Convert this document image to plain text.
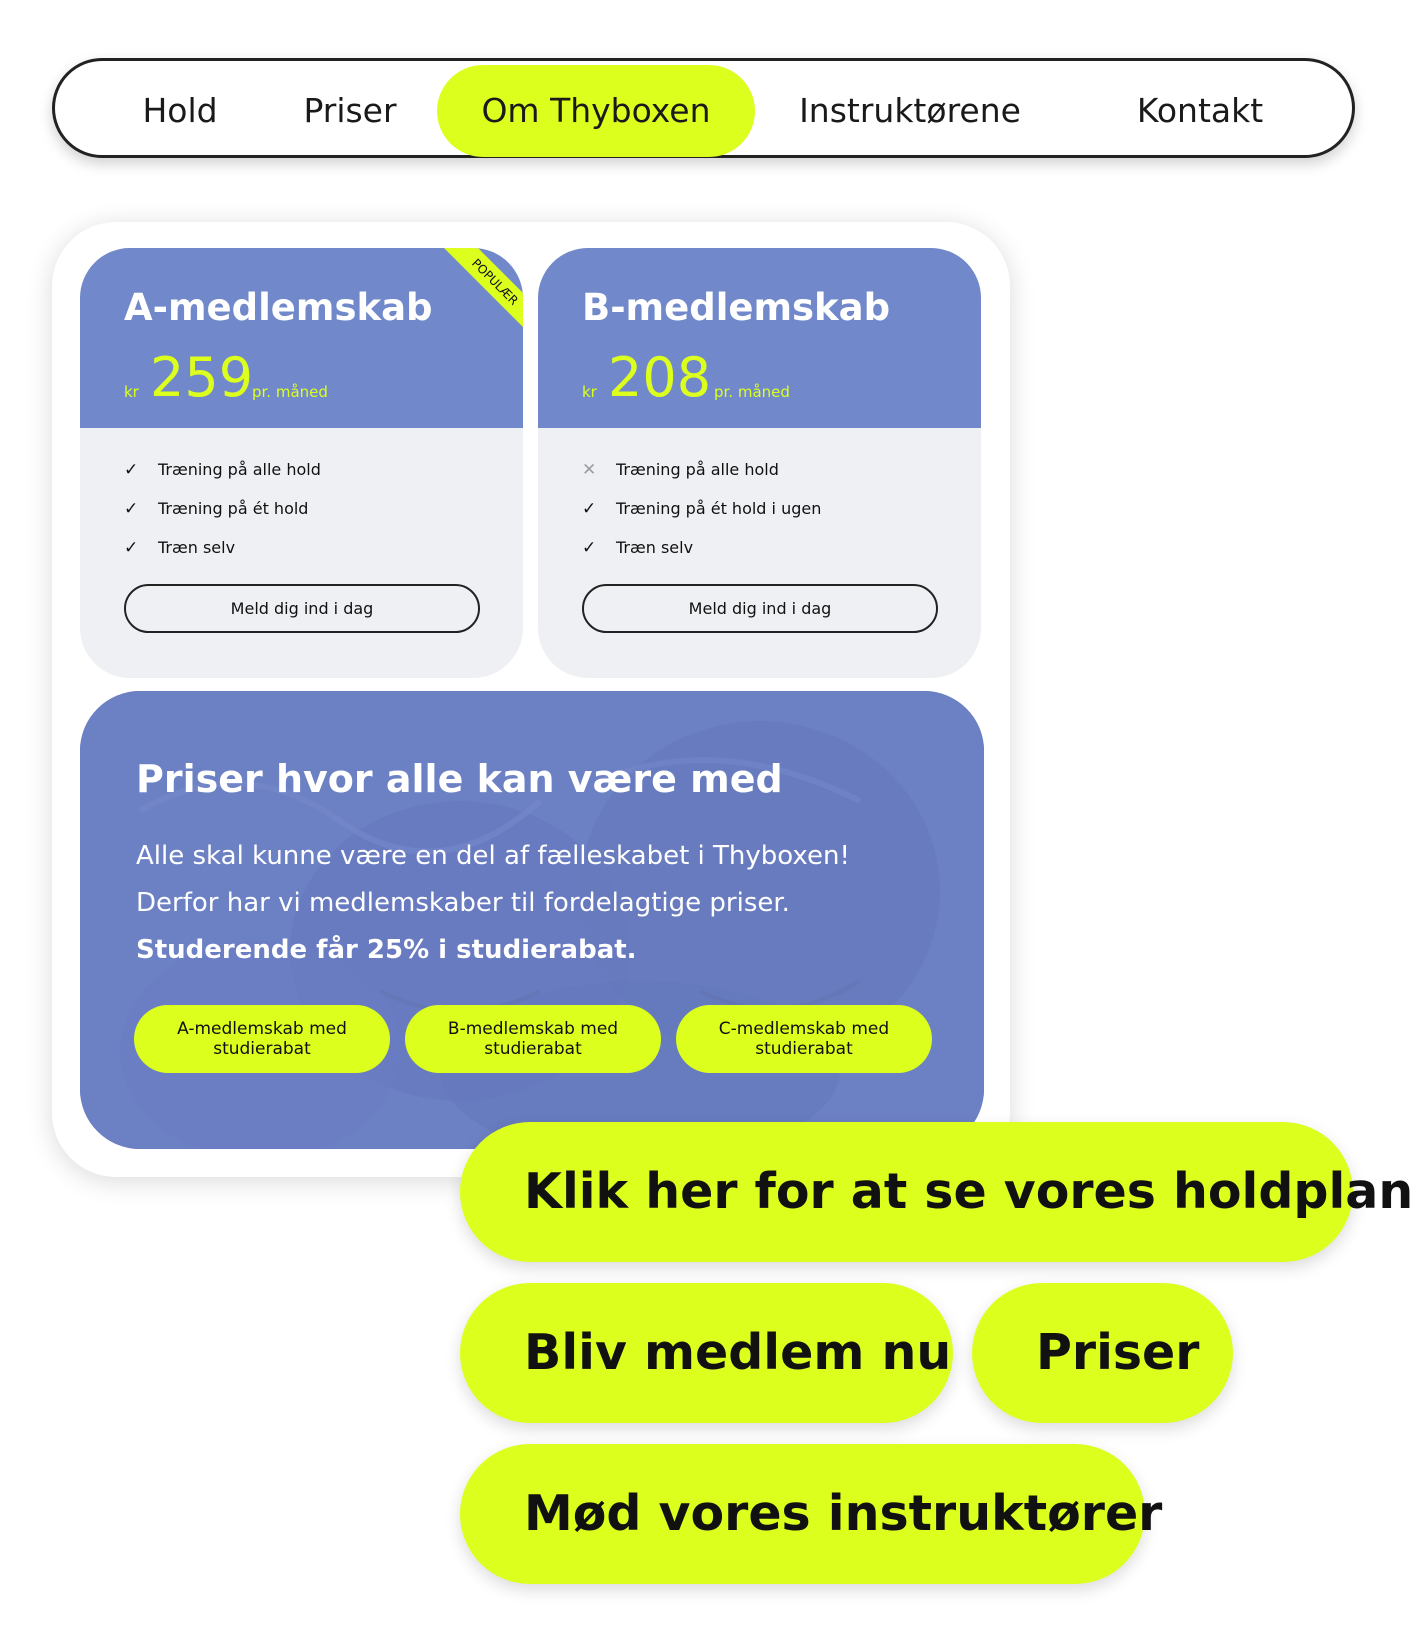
Hold	Priser	Om Thyboxen	Instruktørene	Kontakt
A-medlemskab
kr 259
pr. måned
POPULÆR
✓ Træning på alle hold
✓ Træning på ét hold
✓ Træn selv
Meld dig ind i dag
B-medlemskab
kr 208 pr. måned
✕ Træning på alle hold
✓ Træning på ét hold i ugen
✓ Træn selv
Meld dig ind i dag
Priser hvor alle kan være med
Alle skal kunne være en del af fælleskabet i Thyboxen! Derfor har vi medlemskaber til fordelagtige priser. Studerende får 25% i studierabat.
A-medlemskab med studierabat
B-medlemskab med studierabat
C-medlemskab med studierabat
Klik her for at se vores holdplan
Bliv medlem nu	Priser
Mød vores instruktører
